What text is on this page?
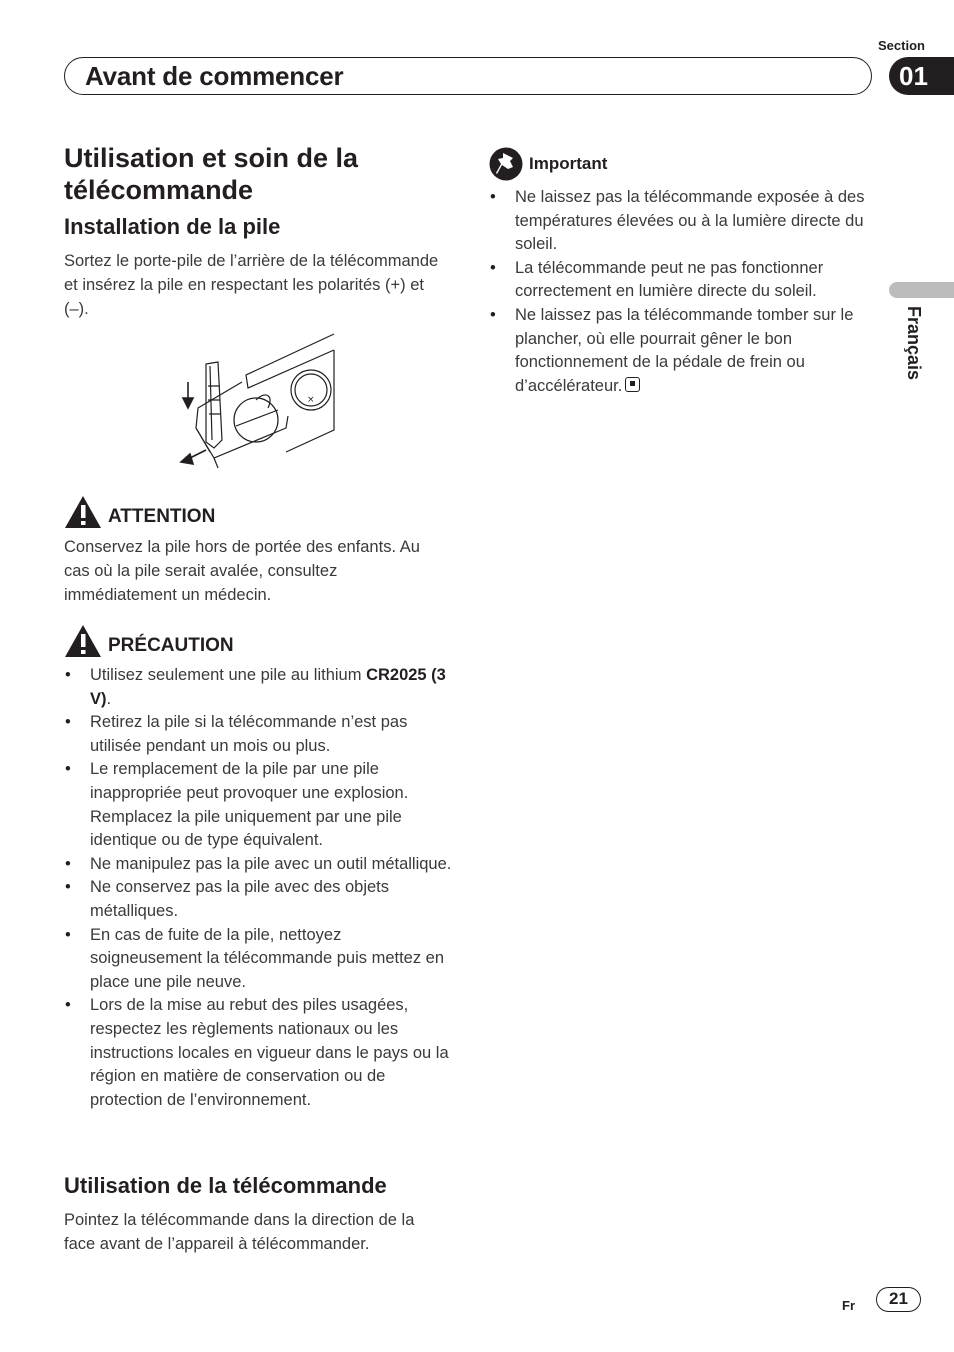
Section
Avant de commencer	01
Français
Utilisation et soin de la télécommande
Installation de la pile
Sortez le porte-pile de l’arrière de la télécommande et insérez la pile en respectant les polarités (+) et (–).
×
ATTENTION
Conservez la pile hors de portée des enfants. Au cas où la pile serait avalée, consultez immédiatement un médecin.
PRÉCAUTION
• Utilisez seulement une pile au lithium CR2025 (3 V).
• Retirez la pile si la télécommande n’est pas utilisée pendant un mois ou plus.
• Le remplacement de la pile par une pile inappropriée peut provoquer une explosion. Remplacez la pile uniquement par une pile identique ou de type équivalent.
• Ne manipulez pas la pile avec un outil métallique.
• Ne conservez pas la pile avec des objets métalliques.
• En cas de fuite de la pile, nettoyez soigneusement la télécommande puis mettez en place une pile neuve.
• Lors de la mise au rebut des piles usagées, respectez les règlements nationaux ou les instructions locales en vigueur dans le pays ou la région en matière de conservation ou de protection de l’environnement.
Utilisation de la télécommande
Pointez la télécommande dans la direction de la face avant de l’appareil à télécommander.
Important
• Ne laissez pas la télécommande exposée à des températures élevées ou à la lumière directe du soleil.
• La télécommande peut ne pas fonctionner correctement en lumière directe du soleil.
• Ne laissez pas la télécommande tomber sur le plancher, où elle pourrait gêner le bon fonctionnement de la pédale de frein ou d’accélérateur.
Fr	21
